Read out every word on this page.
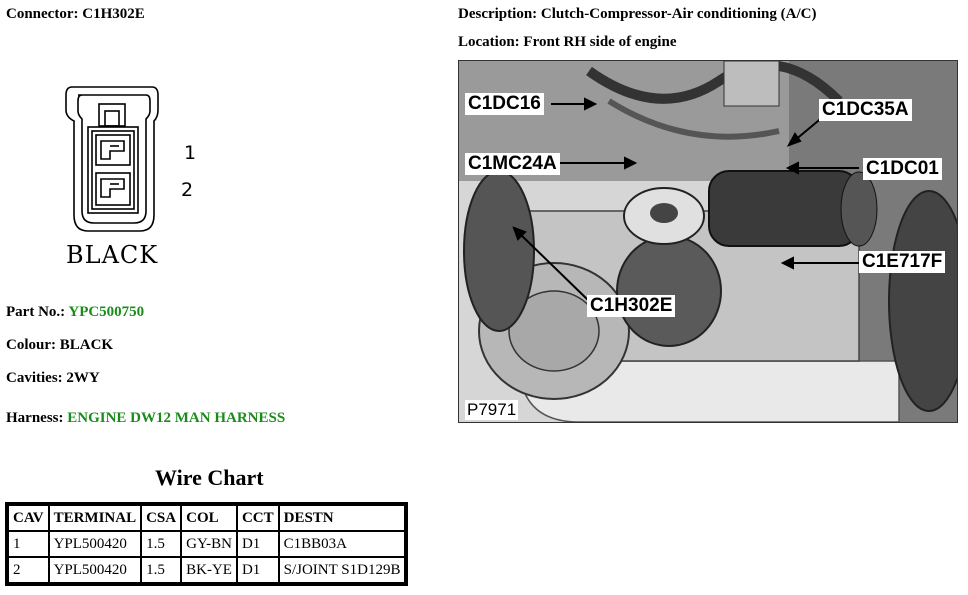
Connector: C1H302E	Description: Clutch-Compressor-Air conditioning (A/C)
Location: Front RH side of engine
1
2
BLACK
Part No.: YPC500750
Colour: BLACK
Cavities: 2WY
Harness: ENGINE DW12 MAN HARNESS
Wire Chart
CAV	TERMINAL	CSA	COL	CCT	DESTN
1	YPL500420	1.5	GY-BN	D1	C1BB03A
2	YPL500420	1.5	BK-YE	D1	S/JOINT S1D129B
C1DC16	C1DC35A
C1MC24A	C1DC01
C1E717F
C1H302E
P7971
